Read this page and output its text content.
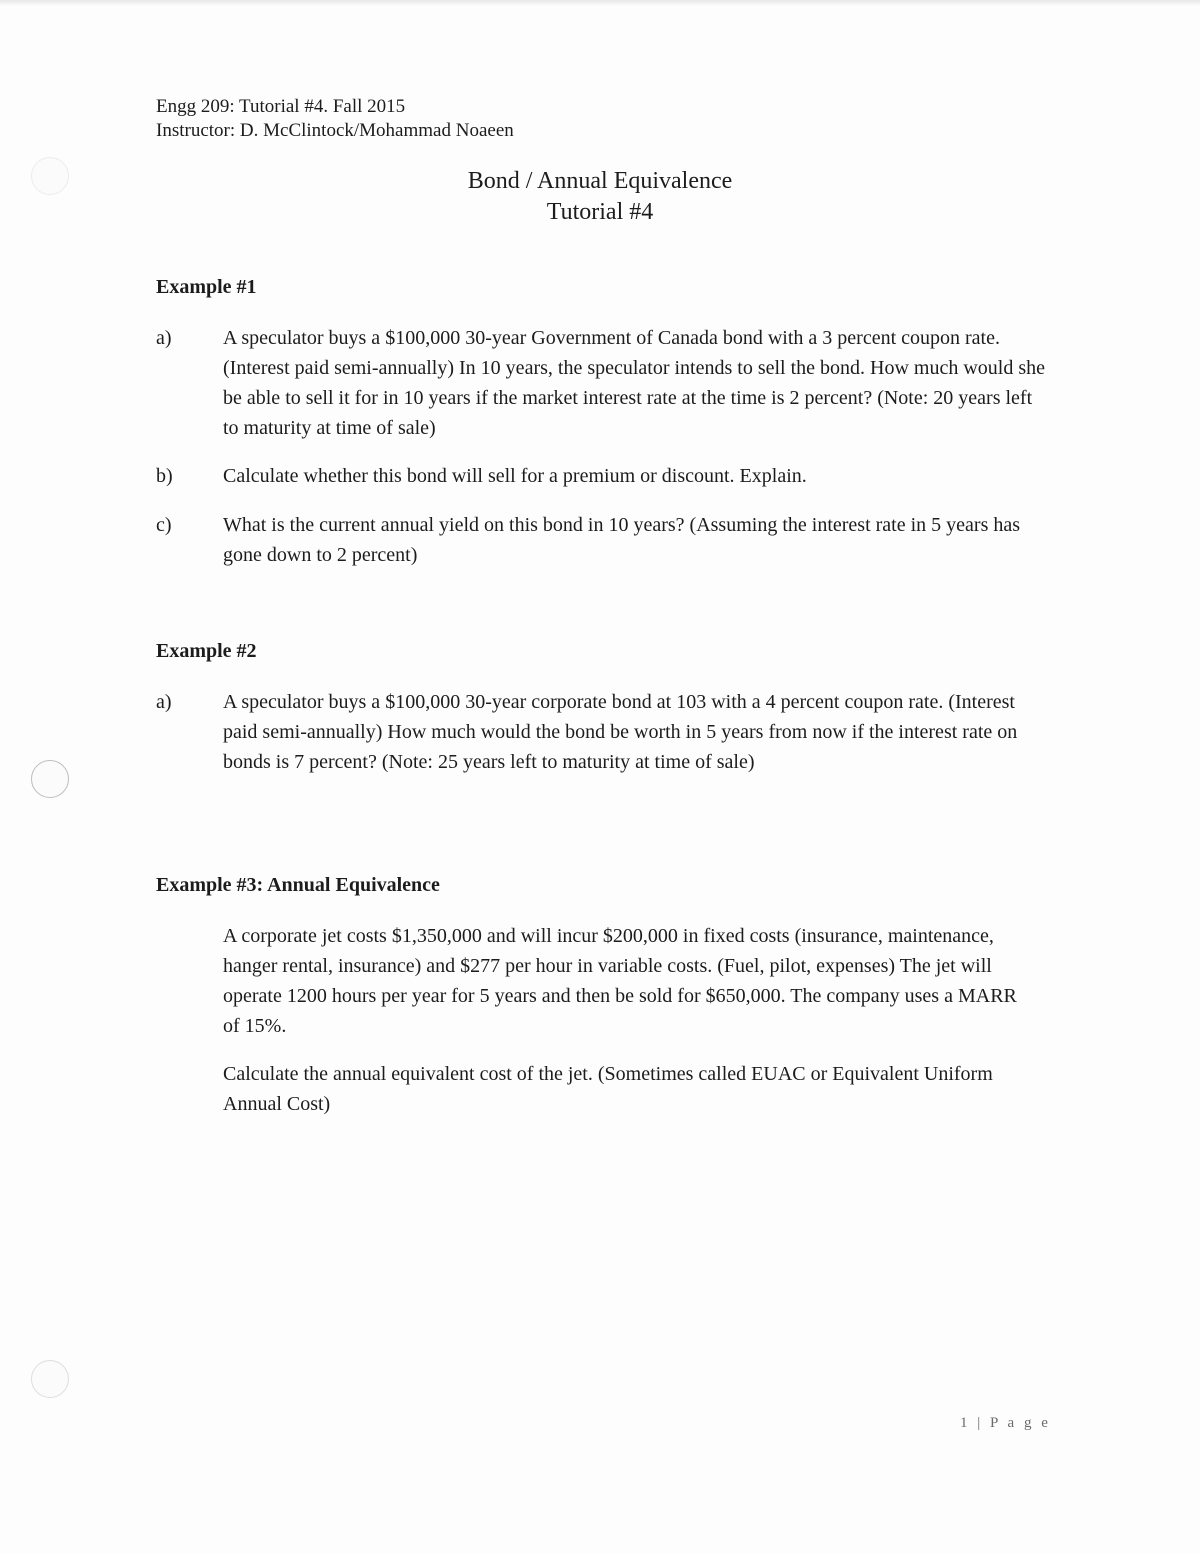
Engg 209: Tutorial #4. Fall 2015
Instructor: D. McClintock/Mohammad Noaeen
Bond / Annual Equivalence
Tutorial #4
Example #1
a)	A speculator buys a $100,000 30-year Government of Canada bond with a 3 percent coupon rate. (Interest paid semi-annually) In 10 years, the speculator intends to sell the bond. How much would she be able to sell it for in 10 years if the market interest rate at the time is 2 percent? (Note: 20 years left to maturity at time of sale)
b)	Calculate whether this bond will sell for a premium or discount. Explain.
c)	What is the current annual yield on this bond in 10 years? (Assuming the interest rate in 5 years has gone down to 2 percent)
Example #2
a)	A speculator buys a $100,000 30-year corporate bond at 103 with a 4 percent coupon rate. (Interest paid semi-annually) How much would the bond be worth in 5 years from now if the interest rate on bonds is 7 percent? (Note: 25 years left to maturity at time of sale)
Example #3: Annual Equivalence
A corporate jet costs $1,350,000 and will incur $200,000 in fixed costs (insurance, maintenance, hanger rental, insurance) and $277 per hour in variable costs. (Fuel, pilot, expenses) The jet will operate 1200 hours per year for 5 years and then be sold for $650,000. The company uses a MARR of 15%.
Calculate the annual equivalent cost of the jet. (Sometimes called EUAC or Equivalent Uniform Annual Cost)
1 | P a g e
